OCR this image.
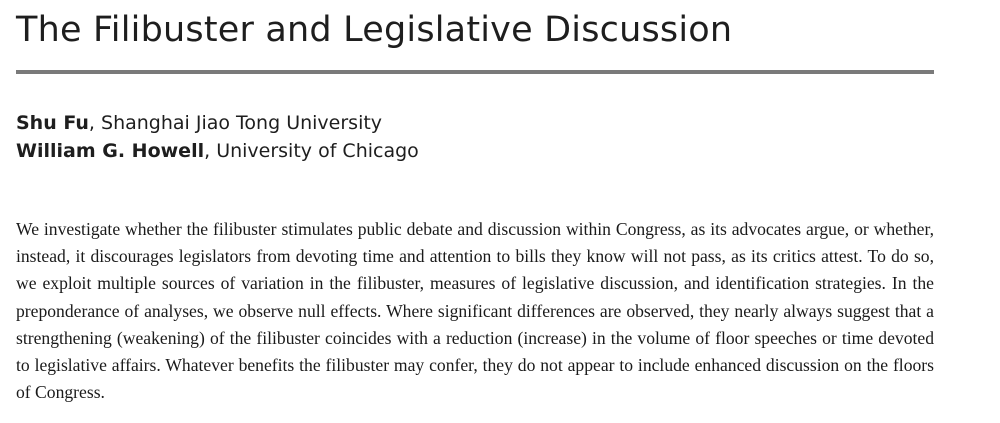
The Filibuster and Legislative Discussion
Shu Fu, Shanghai Jiao Tong University
William G. Howell, University of Chicago

We investigate whether the filibuster stimulates public debate and discussion within Congress, as its advocates argue, or whether, instead, it discourages legislators from devoting time and attention to bills they know will not pass, as its critics attest. To do so, we exploit multiple sources of variation in the filibuster, measures of legislative discussion, and identification strategies. In the preponderance of analyses, we observe null effects. Where significant differences are observed, they nearly always suggest that a strengthening (weakening) of the filibuster coincides with a reduction (increase) in the volume of floor speeches or time devoted to legislative affairs. Whatever benefits the filibuster may confer, they do not appear to include enhanced discussion on the floors of Congress.
